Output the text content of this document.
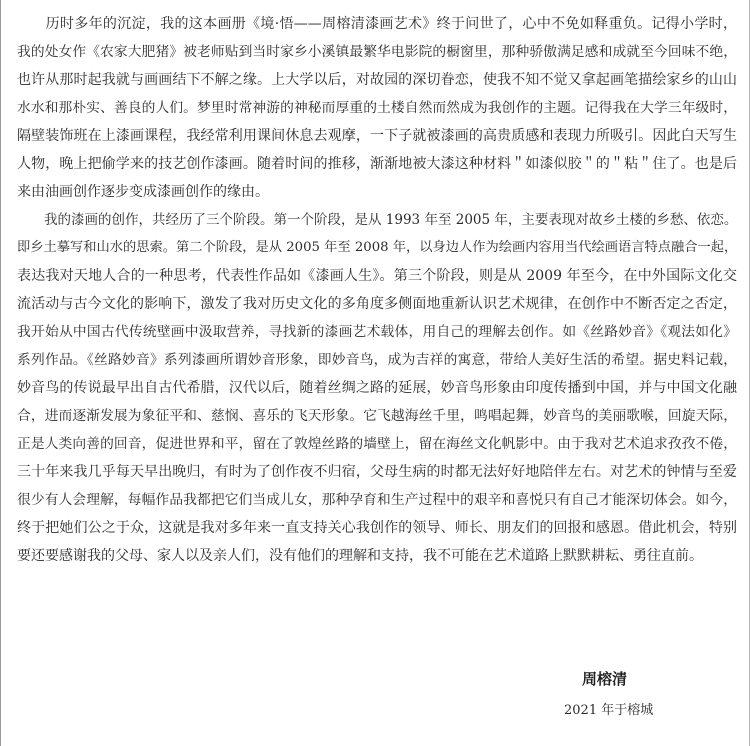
　　历时多年的沉淀，我的这本画册《境·悟——周榕清漆画艺术》终于问世了，心中不免如释重负。记得小学时，
我的处女作《农家大肥猪》被老师贴到当时家乡小溪镇最繁华电影院的橱窗里，那种骄傲满足感和成就至今回味不绝，
也许从那时起我就与画画结下不解之缘。上大学以后，对故园的深切眷恋，使我不知不觉又拿起画笔描绘家乡的山山
水水和那朴实、善良的人们。梦里时常神游的神秘而厚重的土楼自然而然成为我创作的主题。记得我在大学三年级时，
隔壁装饰班在上漆画课程，我经常利用课间休息去观摩，一下子就被漆画的高贵质感和表现力所吸引。因此白天写生
人物，晚上把偷学来的技艺创作漆画。随着时间的推移，渐渐地被大漆这种材料＂如漆似胶＂的＂粘＂住了。也是后
来由油画创作逐步变成漆画创作的缘由。
　　我的漆画的创作，共经历了三个阶段。第一个阶段，是从 1993 年至 2005 年，主要表现对故乡土楼的乡愁、依恋。
即乡土摹写和山水的思索。第二个阶段，是从 2005 年至 2008 年，以身边人作为绘画内容用当代绘画语言特点融合一起，
表达我对天地人合的一种思考，代表性作品如《漆画人生》。第三个阶段，则是从 2009 年至今，在中外国际文化交
流活动与古今文化的影响下，激发了我对历史文化的多角度多侧面地重新认识艺术规律，在创作中不断否定之否定，
我开始从中国古代传统壁画中汲取营养，寻找新的漆画艺术载体，用自己的理解去创作。如《丝路妙音》《观法如化》
系列作品。《丝路妙音》系列漆画所谓妙音形象，即妙音鸟，成为吉祥的寓意，带给人美好生活的希望。据史料记载，
妙音鸟的传说最早出自古代希腊，汉代以后，随着丝绸之路的延展，妙音鸟形象由印度传播到中国，并与中国文化融
合，进而逐渐发展为象征平和、慈悯、喜乐的飞天形象。它飞越海丝千里，鸣唱起舞，妙音鸟的美丽歌喉，回旋天际，
正是人类向善的回音，促进世界和平，留在了敦煌丝路的墙壁上，留在海丝文化帆影中。由于我对艺术追求孜孜不倦，
三十年来我几乎每天早出晚归，有时为了创作夜不归宿，父母生病的时都无法好好地陪伴左右。对艺术的钟情与至爱
很少有人会理解，每幅作品我都把它们当成儿女，那种孕育和生产过程中的艰辛和喜悦只有自己才能深切体会。如今，
终于把她们公之于众，这就是我对多年来一直支持关心我创作的领导、师长、朋友们的回报和感恩。借此机会，特别
要还要感谢我的父母、家人以及亲人们，没有他们的理解和支持，我不可能在艺术道路上默默耕耘、勇往直前。
周榕清
2021 年于榕城
